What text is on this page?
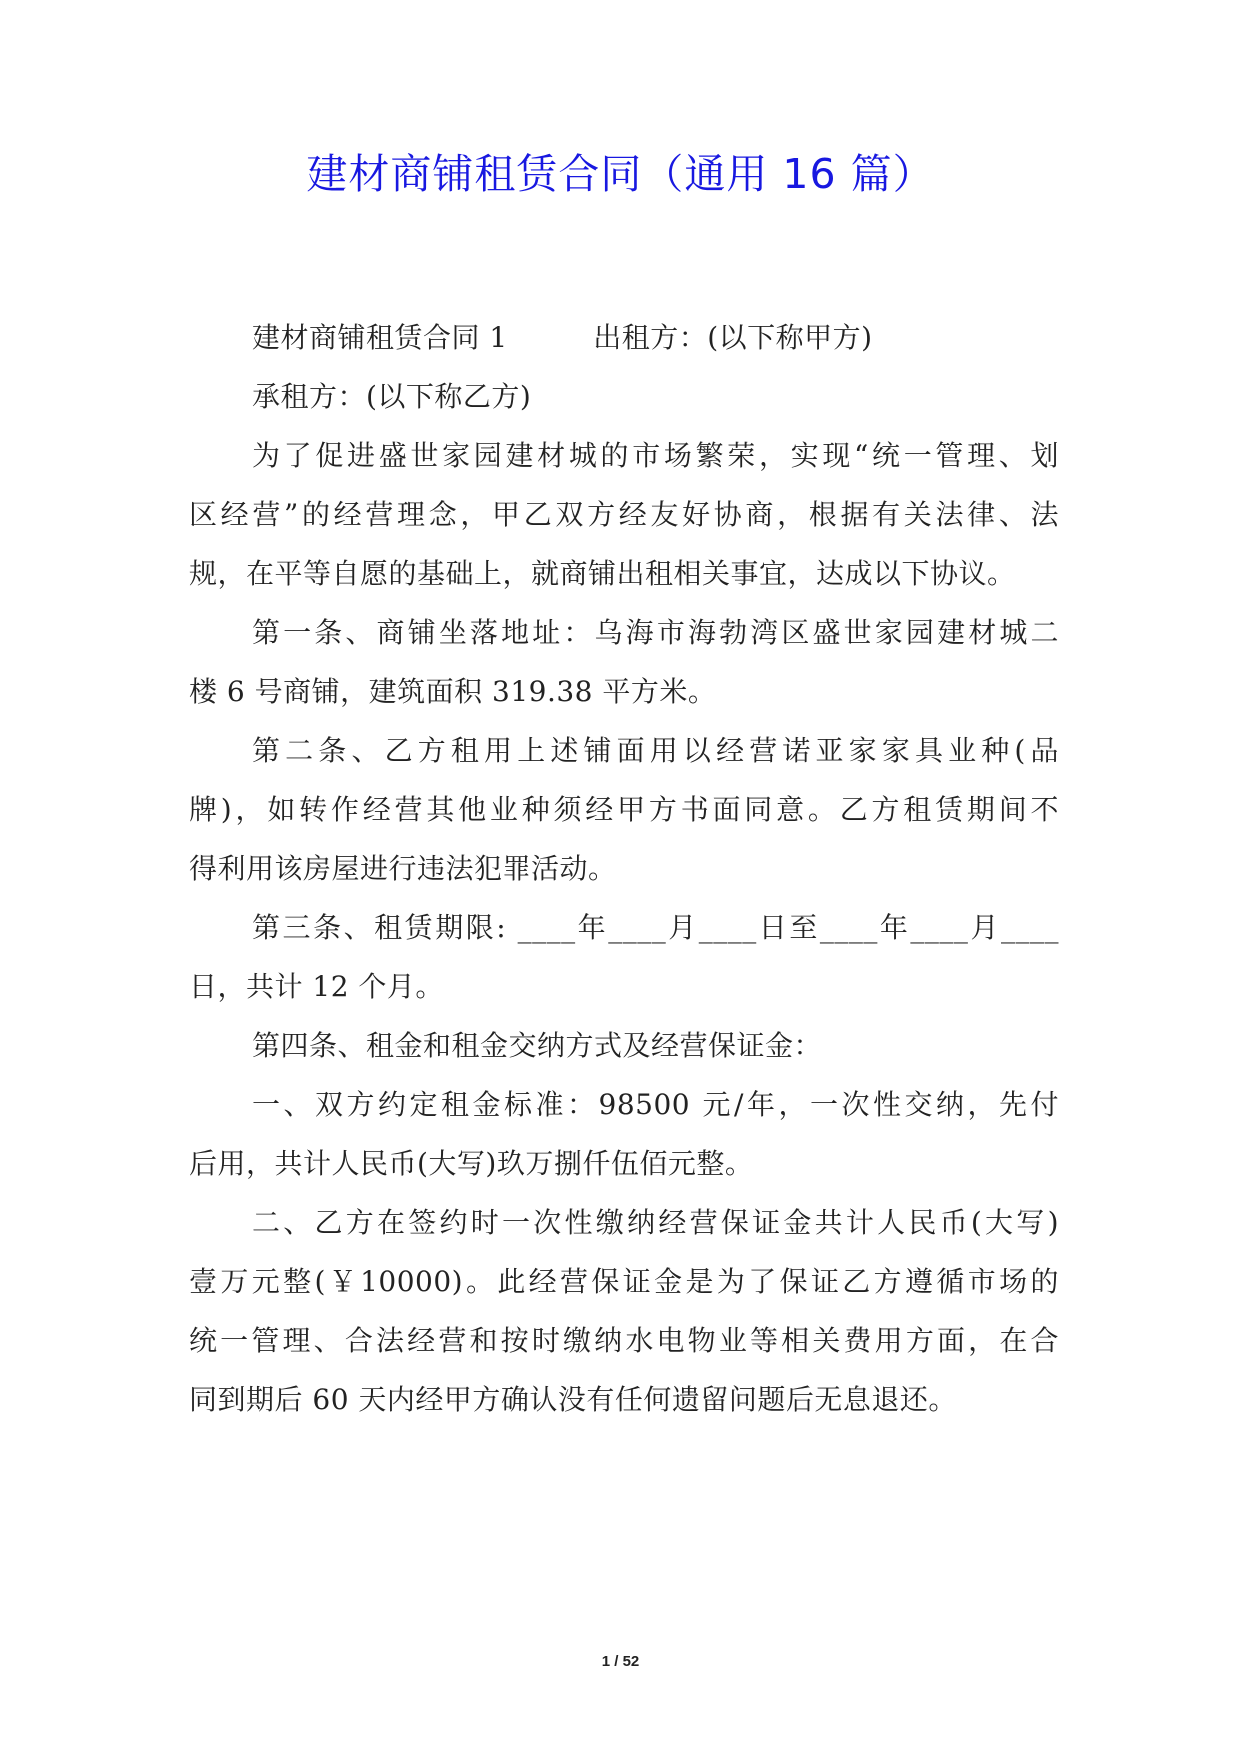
建材商铺租赁合同（通用 16 篇）
建材商铺租赁合同 1　　　出租方：(以下称甲方)
承租方：(以下称乙方)
为了促进盛世家园建材城的市场繁荣，实现“统一管理、划
区经营”的经营理念，甲乙双方经友好协商，根据有关法律、法
规，在平等自愿的基础上，就商铺出租相关事宜，达成以下协议。
第一条、商铺坐落地址：乌海市海勃湾区盛世家园建材城二
楼 6 号商铺，建筑面积 319.38 平方米。
第二条、乙方租用上述铺面用以经营诺亚家家具业种(品
牌)，如转作经营其他业种须经甲方书面同意。乙方租赁期间不
得利用该房屋进行违法犯罪活动。
第三条、租赁期限: ____年____月____日至____年____月____
日，共计 12 个月。
第四条、租金和租金交纳方式及经营保证金：
一、双方约定租金标准：98500 元/年，一次性交纳，先付
后用，共计人民币(大写)玖万捌仟伍佰元整。
二、乙方在签约时一次性缴纳经营保证金共计人民币(大写)
壹万元整(￥10000)。此经营保证金是为了保证乙方遵循市场的
统一管理、合法经营和按时缴纳水电物业等相关费用方面，在合
同到期后 60 天内经甲方确认没有任何遗留问题后无息退还。
1 / 52
